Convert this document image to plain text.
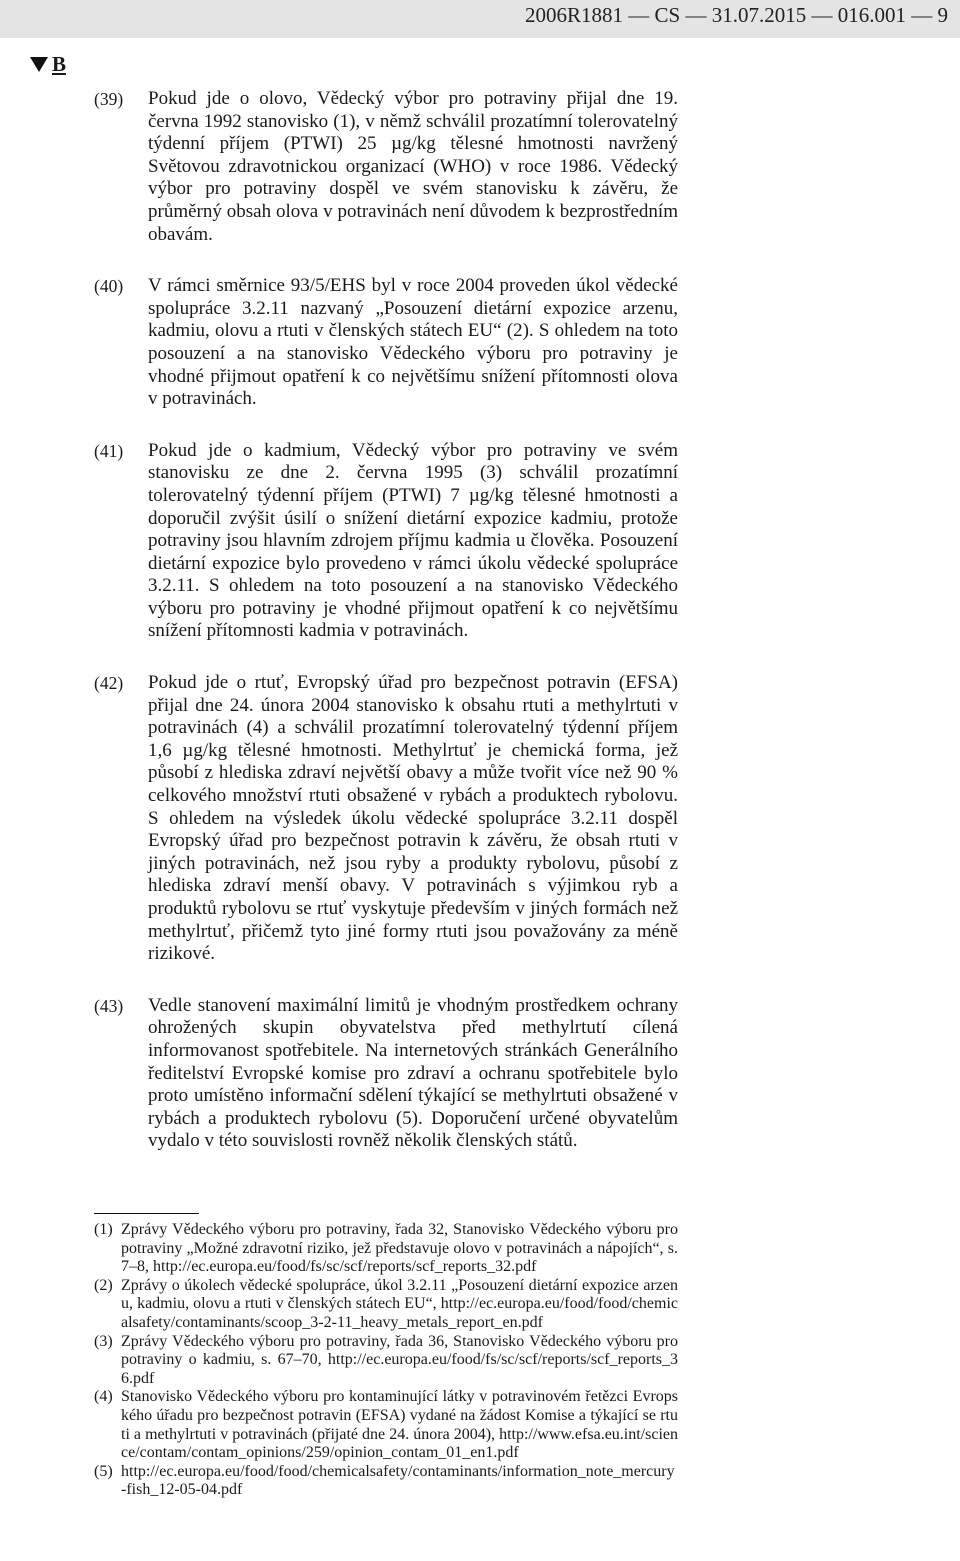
2006R1881 — CS — 31.07.2015 — 016.001 — 9
B
(39) Pokud jde o olovo, Vědecký výbor pro potraviny přijal dne 19. června 1992 stanovisko (1), v němž schválil prozatímní tolerovatelný týdenní příjem (PTWI) 25 µg/kg tělesné hmotnosti navržený Světovou zdravotnickou organizací (WHO) v roce 1986. Vědecký výbor pro potraviny dospěl ve svém stanovisku k závěru, že průměrný obsah olova v potravinách není důvodem k bezprostředním obavám.
(40) V rámci směrnice 93/5/EHS byl v roce 2004 proveden úkol vědecké spolupráce 3.2.11 nazvaný „Posouzení dietární expozice arzenu, kadmiu, olovu a rtuti v členských státech EU“ (2). S ohledem na toto posouzení a na stanovisko Vědeckého výboru pro potraviny je vhodné přijmout opatření k co největšímu snížení přítomnosti olova v potravinách.
(41) Pokud jde o kadmium, Vědecký výbor pro potraviny ve svém stanovisku ze dne 2. června 1995 (3) schválil prozatímní tolerovatelný týdenní příjem (PTWI) 7 µg/kg tělesné hmotnosti a doporučil zvýšit úsilí o snížení dietární expozice kadmiu, protože potraviny jsou hlavním zdrojem příjmu kadmia u člověka. Posouzení dietární expozice bylo provedeno v rámci úkolu vědecké spolupráce 3.2.11. S ohledem na toto posouzení a na stanovisko Vědeckého výboru pro potraviny je vhodné přijmout opatření k co největšímu snížení přítomnosti kadmia v potravinách.
(42) Pokud jde o rtuť, Evropský úřad pro bezpečnost potravin (EFSA) přijal dne 24. února 2004 stanovisko k obsahu rtuti a methylrtuti v potravinách (4) a schválil prozatímní tolerovatelný týdenní příjem 1,6 µg/kg tělesné hmotnosti. Methylrtuť je chemická forma, jež působí z hlediska zdraví největší obavy a může tvořit více než 90 % celkového množství rtuti obsažené v rybách a produktech rybolovu. S ohledem na výsledek úkolu vědecké spolupráce 3.2.11 dospěl Evropský úřad pro bezpečnost potravin k závěru, že obsah rtuti v jiných potravinách, než jsou ryby a produkty rybolovu, působí z hlediska zdraví menší obavy. V potravinách s výjimkou ryb a produktů rybolovu se rtuť vyskytuje především v jiných formách než methylrtuť, přičemž tyto jiné formy rtuti jsou považovány za méně rizikové.
(43) Vedle stanovení maximální limitů je vhodným prostředkem ochrany ohrožených skupin obyvatelstva před methylrtutí cílená informovanost spotřebitele. Na internetových stránkách Generálního ředitelství Evropské komise pro zdraví a ochranu spotřebitele bylo proto umístěno informační sdělení týkající se methylrtuti obsažené v rybách a produktech rybolovu (5). Doporučení určené obyvatelům vydalo v této souvislosti rovněž několik členských států.
(1) Zprávy Vědeckého výboru pro potraviny, řada 32, Stanovisko Vědeckého výboru pro potraviny „Možné zdravotní riziko, jež představuje olovo v potravinách a nápojích“, s. 7–8, http://ec.europa.eu/food/fs/sc/scf/reports/scf_reports_32.pdf
(2) Zprávy o úkolech vědecké spolupráce, úkol 3.2.11 „Posouzení dietární expozice arzenu, kadmiu, olovu a rtuti v členských státech EU“, http://ec.europa.eu/food/food/chemicalsafety/contaminants/scoop_3-2-11_heavy_metals_report_en.pdf
(3) Zprávy Vědeckého výboru pro potraviny, řada 36, Stanovisko Vědeckého výboru pro potraviny o kadmiu, s. 67–70, http://ec.europa.eu/food/fs/sc/scf/reports/scf_reports_36.pdf
(4) Stanovisko Vědeckého výboru pro kontaminující látky v potravinovém řetězci Evropského úřadu pro bezpečnost potravin (EFSA) vydané na žádost Komise a týkající se rtuti a methylrtuti v potravinách (přijaté dne 24. února 2004), http://www.efsa.eu.int/science/contam/contam_opinions/259/opinion_contam_01_en1.pdf
(5) http://ec.europa.eu/food/food/chemicalsafety/contaminants/information_note_mercury-fish_12-05-04.pdf
